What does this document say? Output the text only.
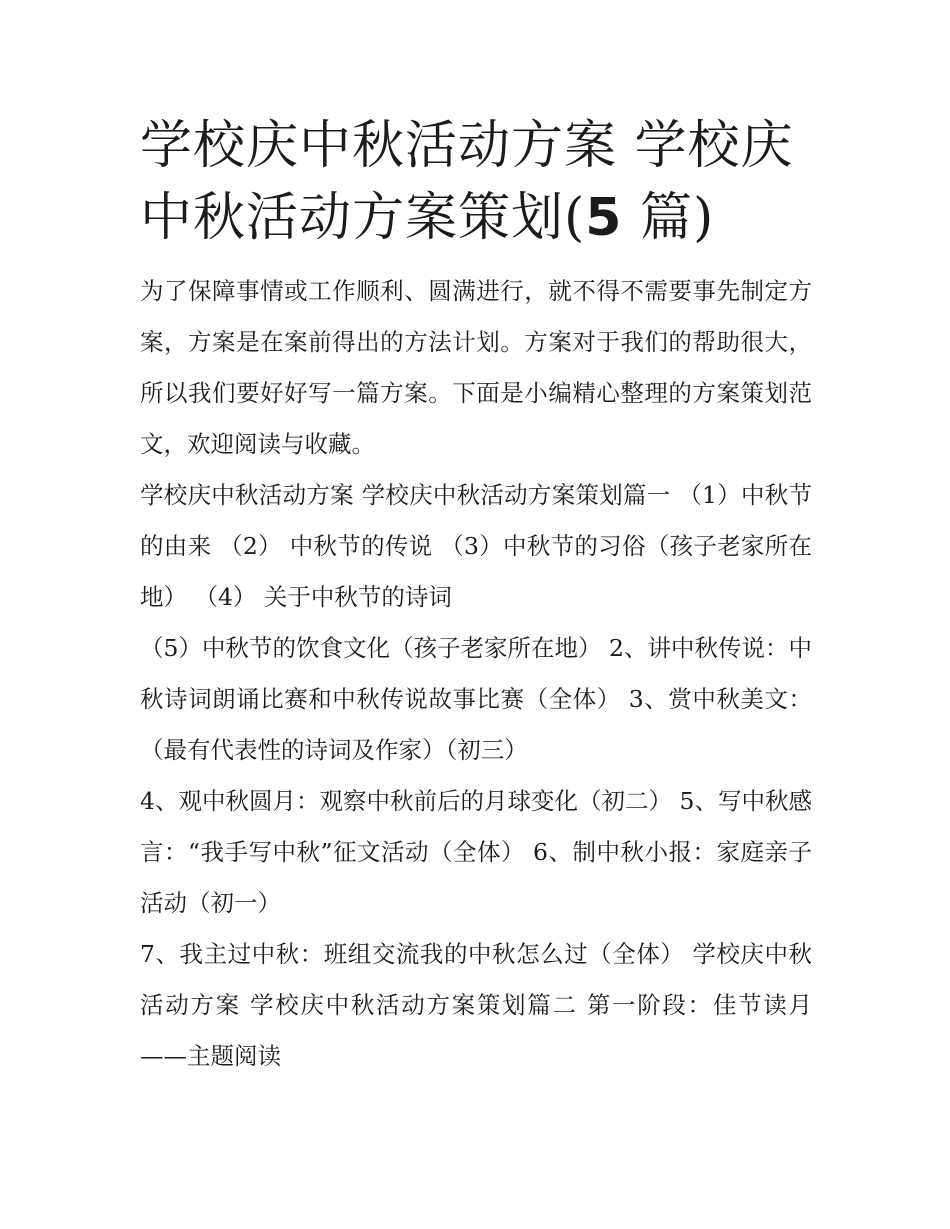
学校庆中秋活动方案 学校庆中秋活动方案策划(5 篇)

为了保障事情或工作顺利、圆满进行，就不得不需要事先制定方案，方案是在案前得出的方法计划。方案对于我们的帮助很大，所以我们要好好写一篇方案。下面是小编精心整理的方案策划范文，欢迎阅读与收藏。

学校庆中秋活动方案 学校庆中秋活动方案策划篇一 （1）中秋节的由来 （2） 中秋节的传说 （3）中秋节的习俗（孩子老家所在地） （4） 关于中秋节的诗词

（5）中秋节的饮食文化（孩子老家所在地） 2、讲中秋传说：中秋诗词朗诵比赛和中秋传说故事比赛（全体） 3、赏中秋美文：（最有代表性的诗词及作家）（初三）

4、观中秋圆月：观察中秋前后的月球变化（初二） 5、写中秋感言：“我手写中秋”征文活动（全体） 6、制中秋小报：家庭亲子活动（初一）

7、我主过中秋：班组交流我的中秋怎么过（全体） 学校庆中秋活动方案 学校庆中秋活动方案策划篇二 第一阶段：佳节读月——主题阅读
